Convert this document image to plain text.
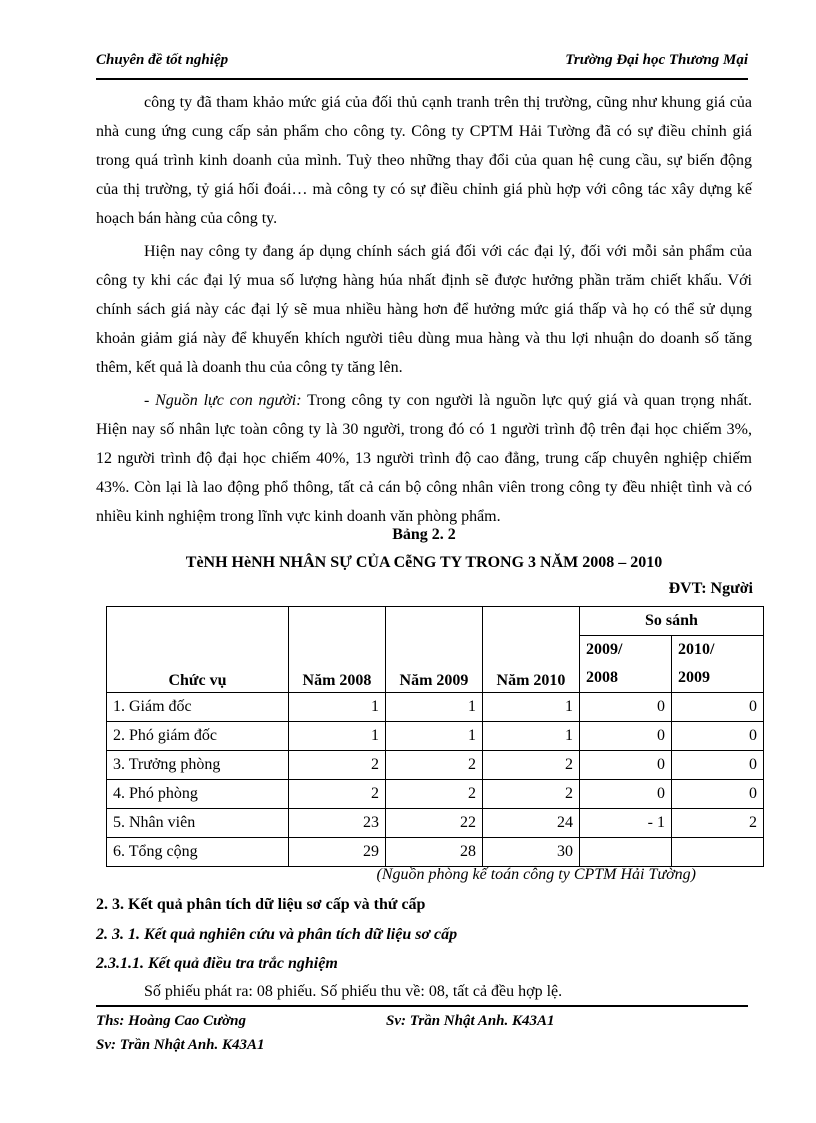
Chuyên đề tốt nghiệp	Trường Đại học Thương Mại

công ty đã tham khảo mức giá của đối thủ cạnh tranh trên thị trường, cũng như khung giá của nhà cung ứng cung cấp sản phẩm cho công ty. Công ty CPTM Hải Tường đã có sự điều chỉnh giá trong quá trình kinh doanh của mình. Tuỳ theo những thay đổi của quan hệ cung cầu, sự biến động của thị trường, tỷ giá hối đoái… mà công ty có sự điều chỉnh giá phù hợp với công tác xây dựng kế hoạch bán hàng của công ty.

Hiện nay công ty đang áp dụng chính sách giá đối với các đại lý, đối với mỗi sản phẩm của công ty khi các đại lý mua số lượng hàng húa nhất định sẽ được hưởng phần trăm chiết khấu. Với chính sách giá này các đại lý sẽ mua nhiều hàng hơn để hưởng mức giá thấp và họ có thể sử dụng khoản giảm giá này để khuyến khích người tiêu dùng mua hàng và thu lợi nhuận do doanh số tăng thêm, kết quả là doanh thu của công ty tăng lên.

- Nguồn lực con người: Trong công ty con người là nguồn lực quý giá và quan trọng nhất. Hiện nay số nhân lực toàn công ty là 30 người, trong đó có 1 người trình độ trên đại học chiếm 3%, 12 người trình độ đại học chiếm 40%, 13 người trình độ cao đẳng, trung cấp chuyên nghiệp chiếm 43%. Còn lại là lao động phổ thông, tất cả cán bộ công nhân viên trong công ty đều nhiệt tình và có nhiều kinh nghiệm trong lĩnh vực kinh doanh văn phòng phẩm.

Bảng 2. 2
TèNH HèNH NHÂN SỰ CỦA CễNG TY TRONG 3 NĂM 2008 – 2010
ĐVT: Người
Chức vụ	Năm 2008	Năm 2009	Năm 2010	So sánh	
				2009/	2010/
				2008	2009
1. Giám đốc	1	1	1	0	0
2. Phó giám đốc	1	1	1	0	0
3. Trưởng phòng	2	2	2	0	0
4. Phó phòng	2	2	2	0	0
5. Nhân viên	23	22	24	- 1	2
6. Tổng cộng	29	28	30		
(Nguồn phòng kế toán công ty CPTM Hải Tường)
2. 3. Kết quả phân tích dữ liệu sơ cấp và thứ cấp
2. 3. 1. Kết quả nghiên cứu và phân tích dữ liệu sơ cấp
2.3.1.1. Kết quả điều tra trắc nghiệm
Số phiếu phát ra: 08 phiếu. Số phiếu thu về: 08, tất cả đều hợp lệ.
Ths: Hoàng Cao Cường	Sv: Trần Nhật Anh. K43A1
Sv: Trần Nhật Anh. K43A1
